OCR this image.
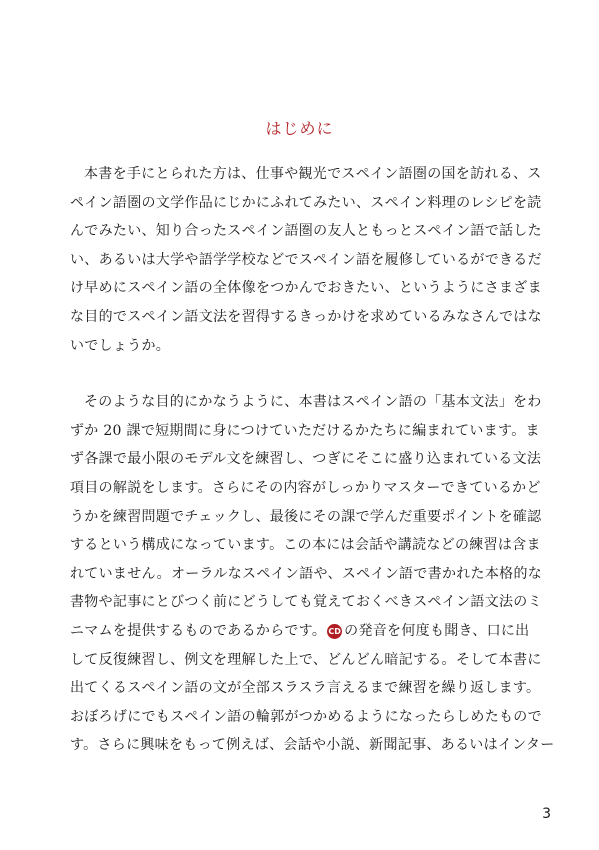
はじめに

本書を手にとられた方は、仕事や観光でスペイン語圏の国を訪れる、ス
ペイン語圏の文学作品にじかにふれてみたい、スペイン料理のレシピを読
んでみたい、知り合ったスペイン語圏の友人ともっとスペイン語で話した
い、あるいは大学や語学学校などでスペイン語を履修しているができるだ
け早めにスペイン語の全体像をつかんでおきたい、というようにさまざま
な目的でスペイン語文法を習得するきっかけを求めているみなさんではな
いでしょうか。

そのような目的にかなうように、本書はスペイン語の「基本文法」をわ
ずか 20 課で短期間に身につけていただけるかたちに編まれています。ま
ず各課で最小限のモデル文を練習し、つぎにそこに盛り込まれている文法
項目の解説をします。さらにその内容がしっかりマスターできているかど
うかを練習問題でチェックし、最後にその課で学んだ重要ポイントを確認
するという構成になっています。この本には会話や講読などの練習は含ま
れていません。オーラルなスペイン語や、スペイン語で書かれた本格的な
書物や記事にとびつく前にどうしても覚えておくべきスペイン語文法のミ
ニマムを提供するものであるからです。 CD の発音を何度も聞き、口に出
して反復練習し、例文を理解した上で、どんどん暗記する。そして本書に
出てくるスペイン語の文が全部スラスラ言えるまで練習を繰り返します。
おぼろげにでもスペイン語の輪郭がつかめるようになったらしめたもので
す。さらに興味をもって例えば、会話や小説、新聞記事、あるいはインター

3
